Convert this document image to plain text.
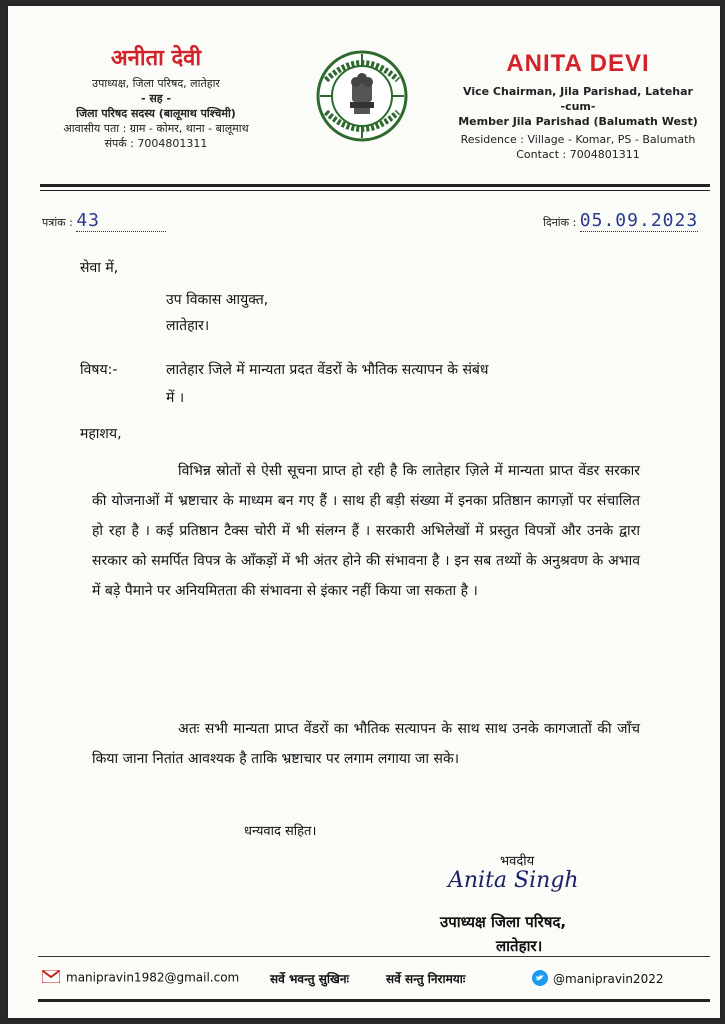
अनीता देवी
उपाध्यक्ष, जिला परिषद, लातेहार
- सह -
जिला परिषद सदस्य (बालूमाथ पश्चिमी)
आवासीय पता : ग्राम - कोमर, थाना - बालूमाथ
संपर्क : 7004801311
ANITA DEVI
Vice Chairman, Jila Parishad, Latehar
-cum-
Member Jila Parishad (Balumath West)
Residence : Village - Komar, PS - Balumath
Contact : 7004801311
पत्रांक : 43	दिनांक : 05.09.2023
सेवा में,
उप विकास आयुक्त,
लातेहार।
विषय:-	लातेहार जिले में मान्यता प्रदत वेंडरों के भौतिक सत्यापन के संबंध
में ।
महाशय,
विभिन्न स्रोतों से ऐसी सूचना प्राप्त हो रही है कि लातेहार ज़िले में मान्यता प्राप्त वेंडर सरकार की योजनाओं में भ्रष्टाचार के माध्यम बन गए हैं । साथ ही बड़ी संख्या में इनका प्रतिष्ठान कागज़ों पर संचालित हो रहा है । कई प्रतिष्ठान टैक्स चोरी में भी संलग्न हैं । सरकारी अभिलेखों में प्रस्तुत विपत्रों और उनके द्वारा सरकार को समर्पित विपत्र के आँकड़ों में भी अंतर होने की संभावना है । इन सब तथ्यों के अनुश्रवण के अभाव में बड़े पैमाने पर अनियमितता की संभावना से इंकार नहीं किया जा सकता है ।
अतः सभी मान्यता प्राप्त वेंडरों का भौतिक सत्यापन के साथ साथ उनके कागजातों की जाँच किया जाना नितांत आवश्यक है ताकि भ्रष्टाचार पर लगाम लगाया जा सके।
धन्यवाद सहित।
भवदीय
Anita Singh
उपाध्यक्ष जिला परिषद,
लातेहार।
manipravin1982@gmail.com	सर्वे भवन्तु सुखिनः	सर्वे सन्तु निरामयाः	@manipravin2022
